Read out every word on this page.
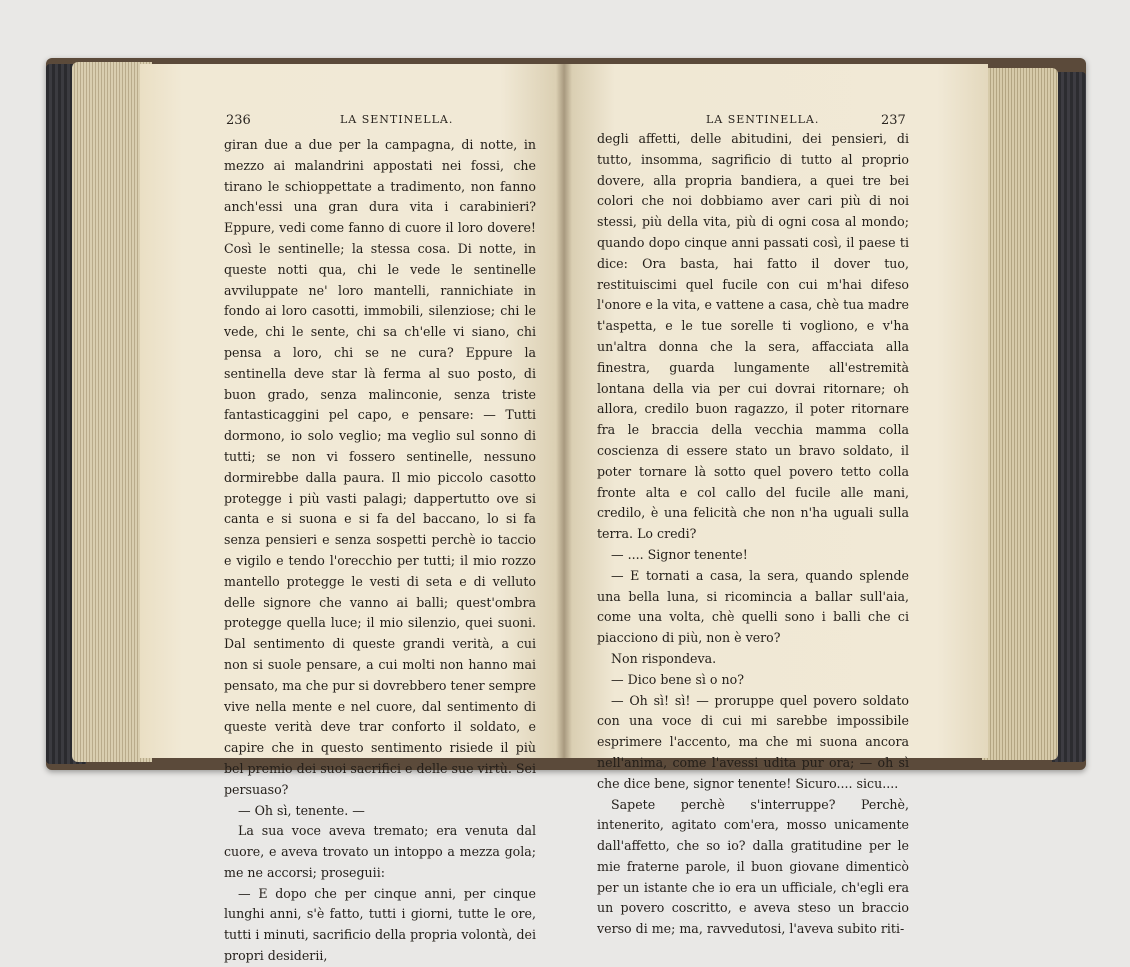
236	LA SENTINELLA.

giran due a due per la campagna, di notte, in mezzo ai malandrini appostati nei fossi, che tirano le schioppettate a tradimento, non fanno anch'essi una gran dura vita i carabinieri? Eppure, vedi come fanno di cuore il loro dovere! Così le sentinelle; la stessa cosa. Di notte, in queste notti qua, chi le vede le sentinelle avviluppate ne' loro mantelli, rannichiate in fondo ai loro casotti, immobili, silenziose; chi le vede, chi le sente, chi sa ch'elle vi siano, chi pensa a loro, chi se ne cura? Eppure la sentinella deve star là ferma al suo posto, di buon grado, senza malinconie, senza triste fantasticaggini pel capo, e pensare: — Tutti dormono, io solo veglio; ma veglio sul sonno di tutti; se non vi fossero sentinelle, nessuno dormirebbe dalla paura. Il mio piccolo casotto protegge i più vasti palagi; dappertutto ove si canta e si suona e si fa del baccano, lo si fa senza pensieri e senza sospetti perchè io taccio e vigilo e tendo l'orecchio per tutti; il mio rozzo mantello protegge le vesti di seta e di velluto delle signore che vanno ai balli; quest'ombra protegge quella luce; il mio silenzio, quei suoni. Dal sentimento di queste grandi verità, a cui non si suole pensare, a cui molti non hanno mai pensato, ma che pur si dovrebbero tener sempre vive nella mente e nel cuore, dal sentimento di queste verità deve trar conforto il soldato, e capire che in questo sentimento risiede il più bel premio dei suoi sacrifici e delle sue virtù. Sei persuaso?

— Oh sì, tenente. —

La sua voce aveva tremato; era venuta dal cuore, e aveva trovato un intoppo a mezza gola; me ne accorsi; proseguii:

— E dopo che per cinque anni, per cinque lunghi anni, s'è fatto, tutti i giorni, tutte le ore, tutti i minuti, sacrificio della propria volontà, dei propri desiderii,

LA SENTINELLA.	237

degli affetti, delle abitudini, dei pensieri, di tutto, insomma, sagrificio di tutto al proprio dovere, alla propria bandiera, a quei tre bei colori che noi dobbiamo aver cari più di noi stessi, più della vita, più di ogni cosa al mondo; quando dopo cinque anni passati così, il paese ti dice: Ora basta, hai fatto il dover tuo, restituiscimi quel fucile con cui m'hai difeso l'onore e la vita, e vattene a casa, chè tua madre t'aspetta, e le tue sorelle ti vogliono, e v'ha un'altra donna che la sera, affacciata alla finestra, guarda lungamente all'estremità lontana della via per cui dovrai ritornare; oh allora, credilo buon ragazzo, il poter ritornare fra le braccia della vecchia mamma colla coscienza di essere stato un bravo soldato, il poter tornare là sotto quel povero tetto colla fronte alta e col callo del fucile alle mani, credilo, è una felicità che non n'ha uguali sulla terra. Lo credi?

— .... Signor tenente!

— E tornati a casa, la sera, quando splende una bella luna, si ricomincia a ballar sull'aia, come una volta, chè quelli sono i balli che ci piacciono di più, non è vero?

Non rispondeva.

— Dico bene sì o no?

— Oh sì! sì! — proruppe quel povero soldato con una voce di cui mi sarebbe impossibile esprimere l'accento, ma che mi suona ancora nell'anima, come l'avessi udita pur ora; — oh sì che dice bene, signor tenente! Sicuro.... sicu....

Sapete perchè s'interruppe? Perchè, intenerito, agitato com'era, mosso unicamente dall'affetto, che so io? dalla gratitudine per le mie fraterne parole, il buon giovane dimenticò per un istante che io era un ufficiale, ch'egli era un povero coscritto, e aveva steso un braccio verso di me; ma, ravvedutosi, l'aveva subito riti-
